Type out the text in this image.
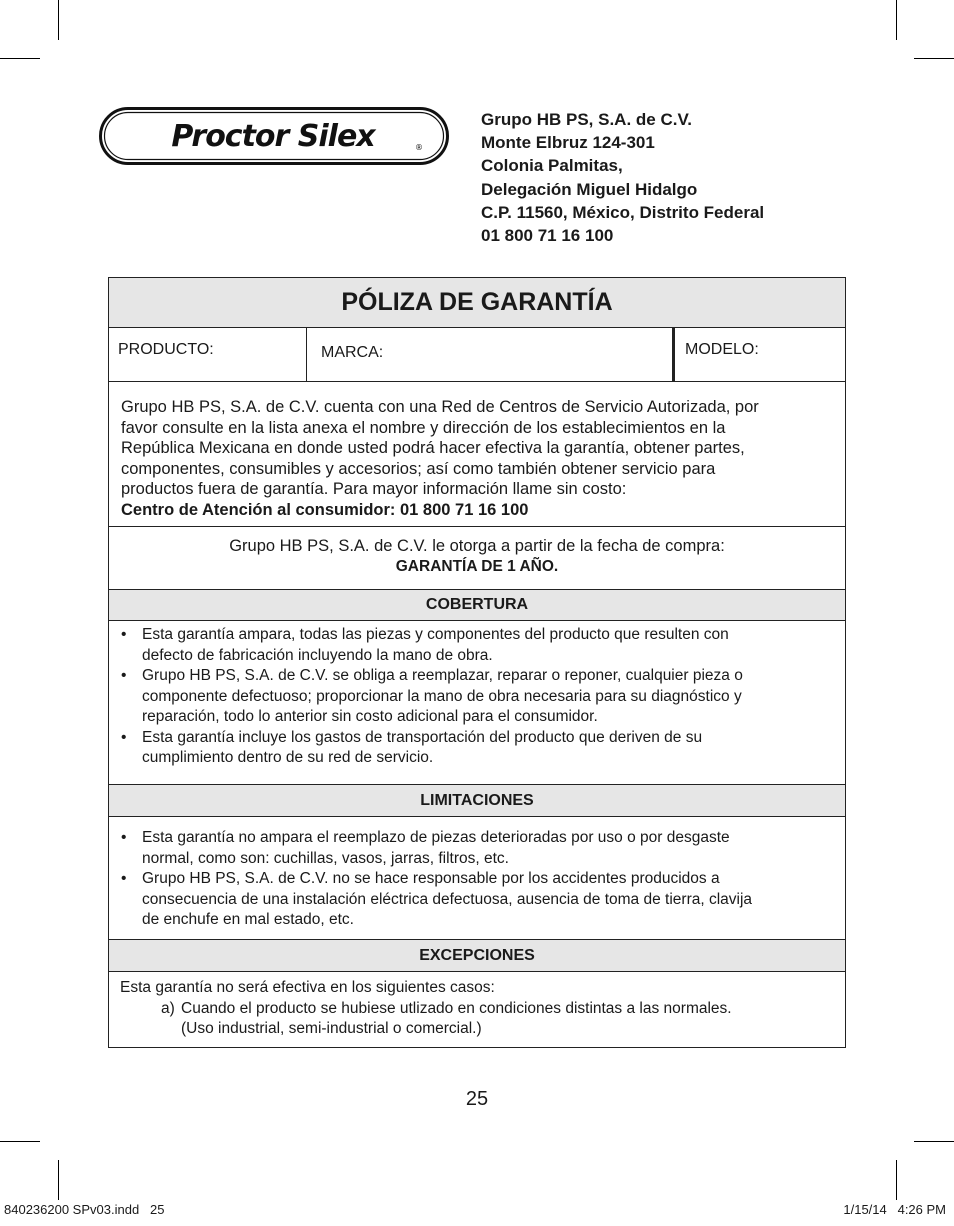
Proctor Silex	®
Grupo HB PS, S.A. de C.V.
Monte Elbruz 124-301
Colonia Palmitas,
Delegación Miguel Hidalgo
C.P. 11560, México, Distrito Federal
01 800 71 16 100
PÓLIZA DE GARANTÍA
PRODUCTO:	MARCA:	MODELO:
Grupo HB PS, S.A. de C.V. cuenta con una Red de Centros de Servicio Autorizada, por
favor consulte en la lista anexa el nombre y dirección de los establecimientos en la
República Mexicana en donde usted podrá hacer efectiva la garantía, obtener partes,
componentes, consumibles y accesorios; así como también obtener servicio para
productos fuera de garantía. Para mayor información llame sin costo:
Centro de Atención al consumidor: 01 800 71 16 100
Grupo HB PS, S.A. de C.V. le otorga a partir de la fecha de compra:
GARANTÍA DE 1 AÑO.
COBERTURA
• Esta garantía ampara, todas las piezas y componentes del producto que resulten con
defecto de fabricación incluyendo la mano de obra.
• Grupo HB PS, S.A. de C.V. se obliga a reemplazar, reparar o reponer, cualquier pieza o
componente defectuoso; proporcionar la mano de obra necesaria para su diagnóstico y
reparación, todo lo anterior sin costo adicional para el consumidor.
• Esta garantía incluye los gastos de transportación del producto que deriven de su
cumplimiento dentro de su red de servicio.
LIMITACIONES
• Esta garantía no ampara el reemplazo de piezas deterioradas por uso o por desgaste
normal, como son: cuchillas, vasos, jarras, filtros, etc.
• Grupo HB PS, S.A. de C.V. no se hace responsable por los accidentes producidos a
consecuencia de una instalación eléctrica defectuosa, ausencia de toma de tierra, clavija
de enchufe en mal estado, etc.
EXCEPCIONES
Esta garantía no será efectiva en los siguientes casos:
a) Cuando el producto se hubiese utlizado en condiciones distintas a las normales.
(Uso industrial, semi-industrial o comercial.)
25
840236200 SPv03.indd   25	1/15/14   4:26 PM
